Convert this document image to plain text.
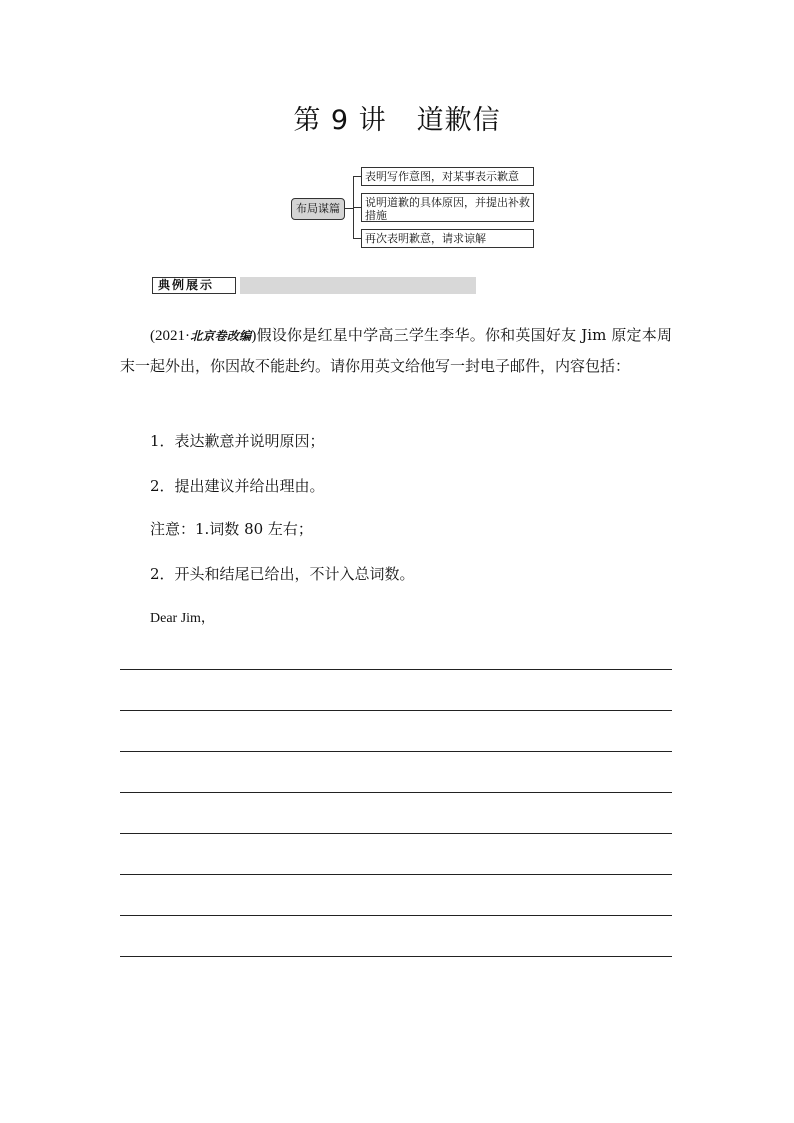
第 9 讲 道歉信
布局谋篇
表明写作意图，对某事表示歉意
说明道歉的具体原因，并提出补救措施
再次表明歉意，请求谅解
典例展示
(2021·北京卷改编)假设你是红星中学高三学生李华。你和英国好友 Jim 原定本周末一起外出，你因故不能赴约。请你用英文给他写一封电子邮件，内容包括：
1．表达歉意并说明原因；
2．提出建议并给出理由。
注意：1.词数 80 左右；
2．开头和结尾已给出，不计入总词数。
Dear Jim，
